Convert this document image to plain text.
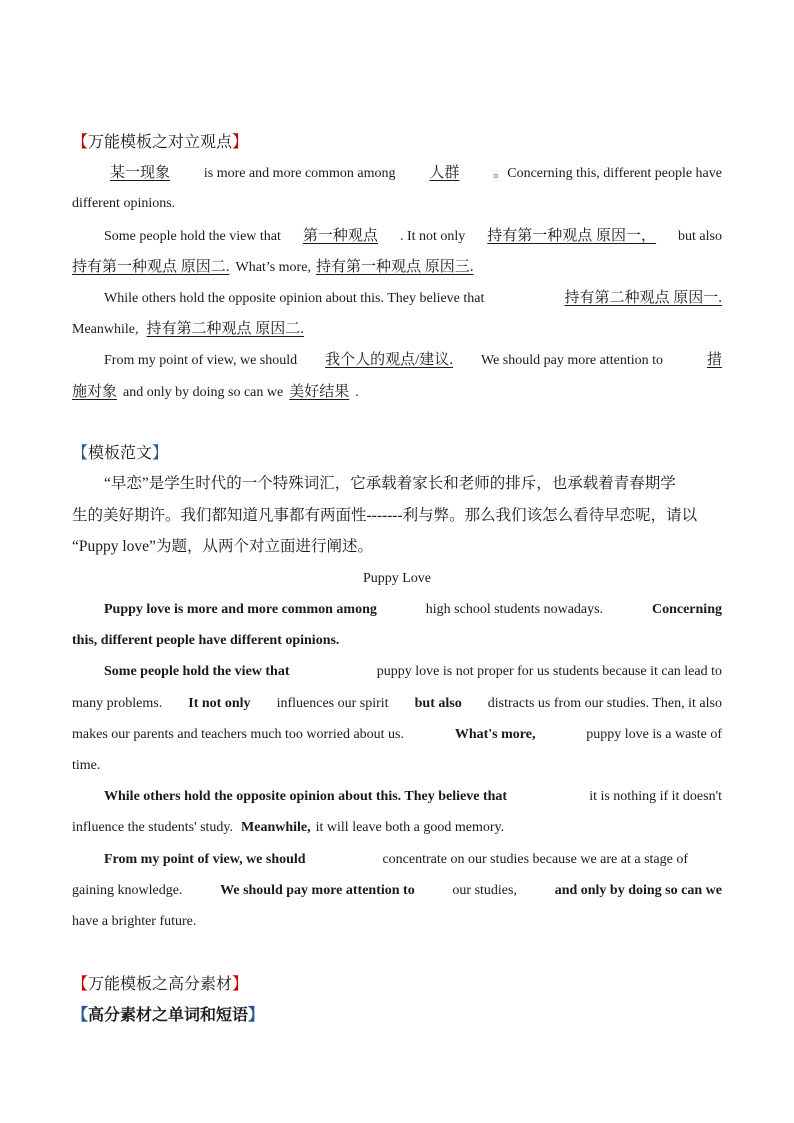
【万能模板之对立观点】
某一现象 is more and more common among 人群 。Concerning this, different people have
different opinions.
Some people hold the view that 第一种观点 . It not only 持有第一种观点 原因一， but also
持有第一种观点 原因二. What’s more, 持有第一种观点 原因三.
While others hold the opposite opinion about this. They believe that	持有第二种观点 原因一.
Meanwhile, 持有第二种观点 原因二.
From my point of view, we should 我个人的观点/建议. We should pay more attention to	措
施对象 and only by doing so can we 美好结果 .
【模板范文】
“早恋”是学生时代的一个特殊词汇，它承载着家长和老师的排斥，也承载着青春期学
生的美好期许。我们都知道凡事都有两面性-------利与弊。那么我们该怎么看待早恋呢，请以
“Puppy love”为题，从两个对立面进行阐述。
Puppy Love
Puppy love is more and more common among	high school students nowadays.	Concerning
this, different people have different opinions.
Some people hold the view that	puppy love is not proper for us students because it can lead to
many problems. It not only influences our spirit but also distracts us from our studies. Then, it also
makes our parents and teachers much too worried about us.	What's more,	puppy love is a waste of
time.
While others hold the opposite opinion about this. They believe that	it is nothing if it doesn't
influence the students' study. Meanwhile, it will leave both a good memory.
From my point of view, we should	concentrate on our studies because we are at a stage of
gaining knowledge.	We should pay more attention to	our studies,	and only by doing so can we
have a brighter future.
【万能模板之高分素材】
【高分素材之单词和短语】
